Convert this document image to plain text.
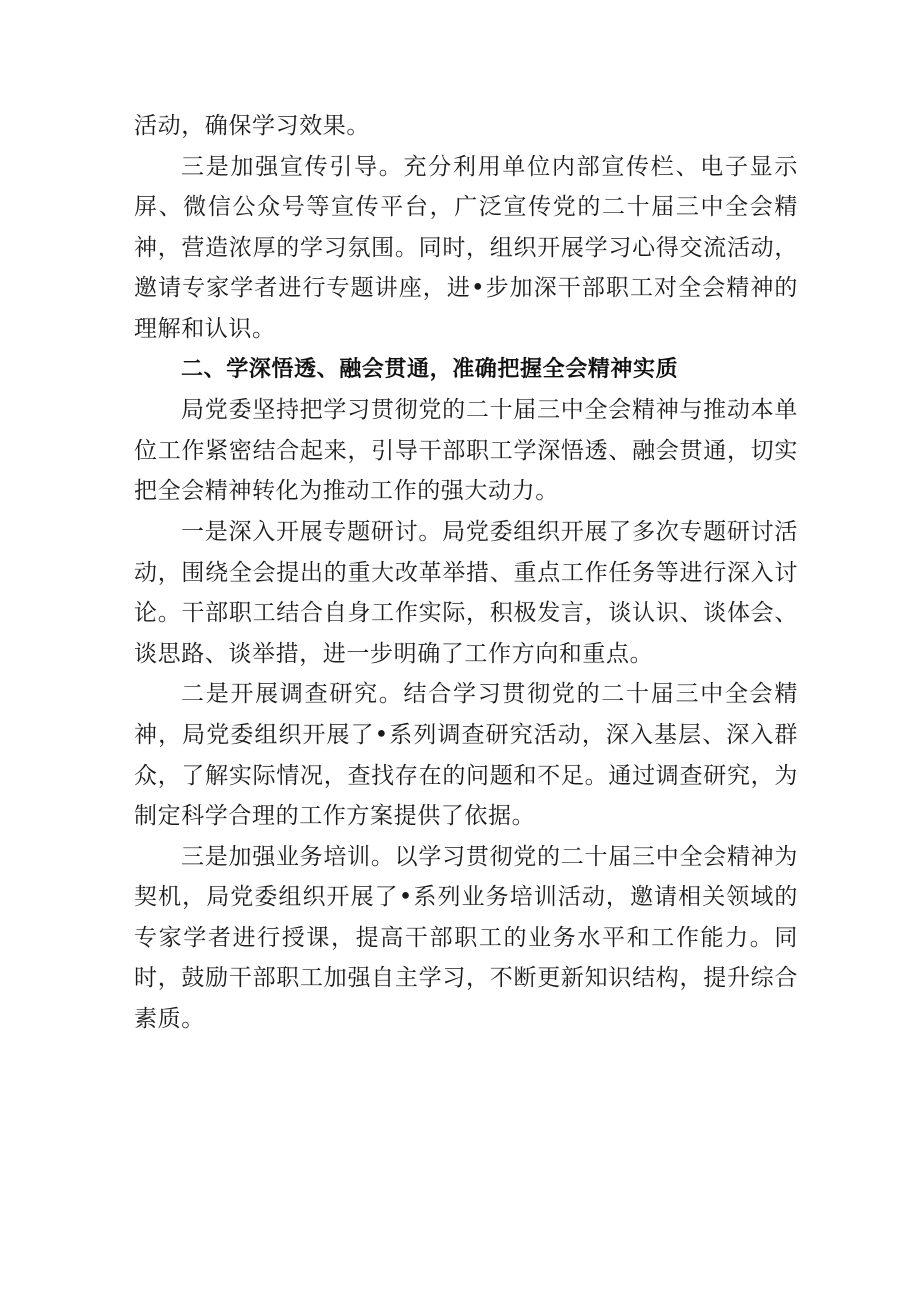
活动，确保学习效果。

三是加强宣传引导。充分利用单位内部宣传栏、电子显示屏、微信公众号等宣传平台，广泛宣传党的二十届三中全会精神，营造浓厚的学习氛围。同时，组织开展学习心得交流活动，邀请专家学者进行专题讲座，进•步加深干部职工对全会精神的理解和认识。

二、学深悟透、融会贯通，准确把握全会精神实质

局党委坚持把学习贯彻党的二十届三中全会精神与推动本单位工作紧密结合起来，引导干部职工学深悟透、融会贯通，切实把全会精神转化为推动工作的强大动力。

一是深入开展专题研讨。局党委组织开展了多次专题研讨活动，围绕全会提出的重大改革举措、重点工作任务等进行深入讨论。干部职工结合自身工作实际，积极发言，谈认识、谈体会、谈思路、谈举措，进一步明确了工作方向和重点。

二是开展调查研究。结合学习贯彻党的二十届三中全会精神，局党委组织开展了•系列调查研究活动，深入基层、深入群众，了解实际情况，查找存在的问题和不足。通过调查研究，为制定科学合理的工作方案提供了依据。

三是加强业务培训。以学习贯彻党的二十届三中全会精神为契机，局党委组织开展了•系列业务培训活动，邀请相关领域的专家学者进行授课，提高干部职工的业务水平和工作能力。同时，鼓励干部职工加强自主学习，不断更新知识结构，提升综合素质。
